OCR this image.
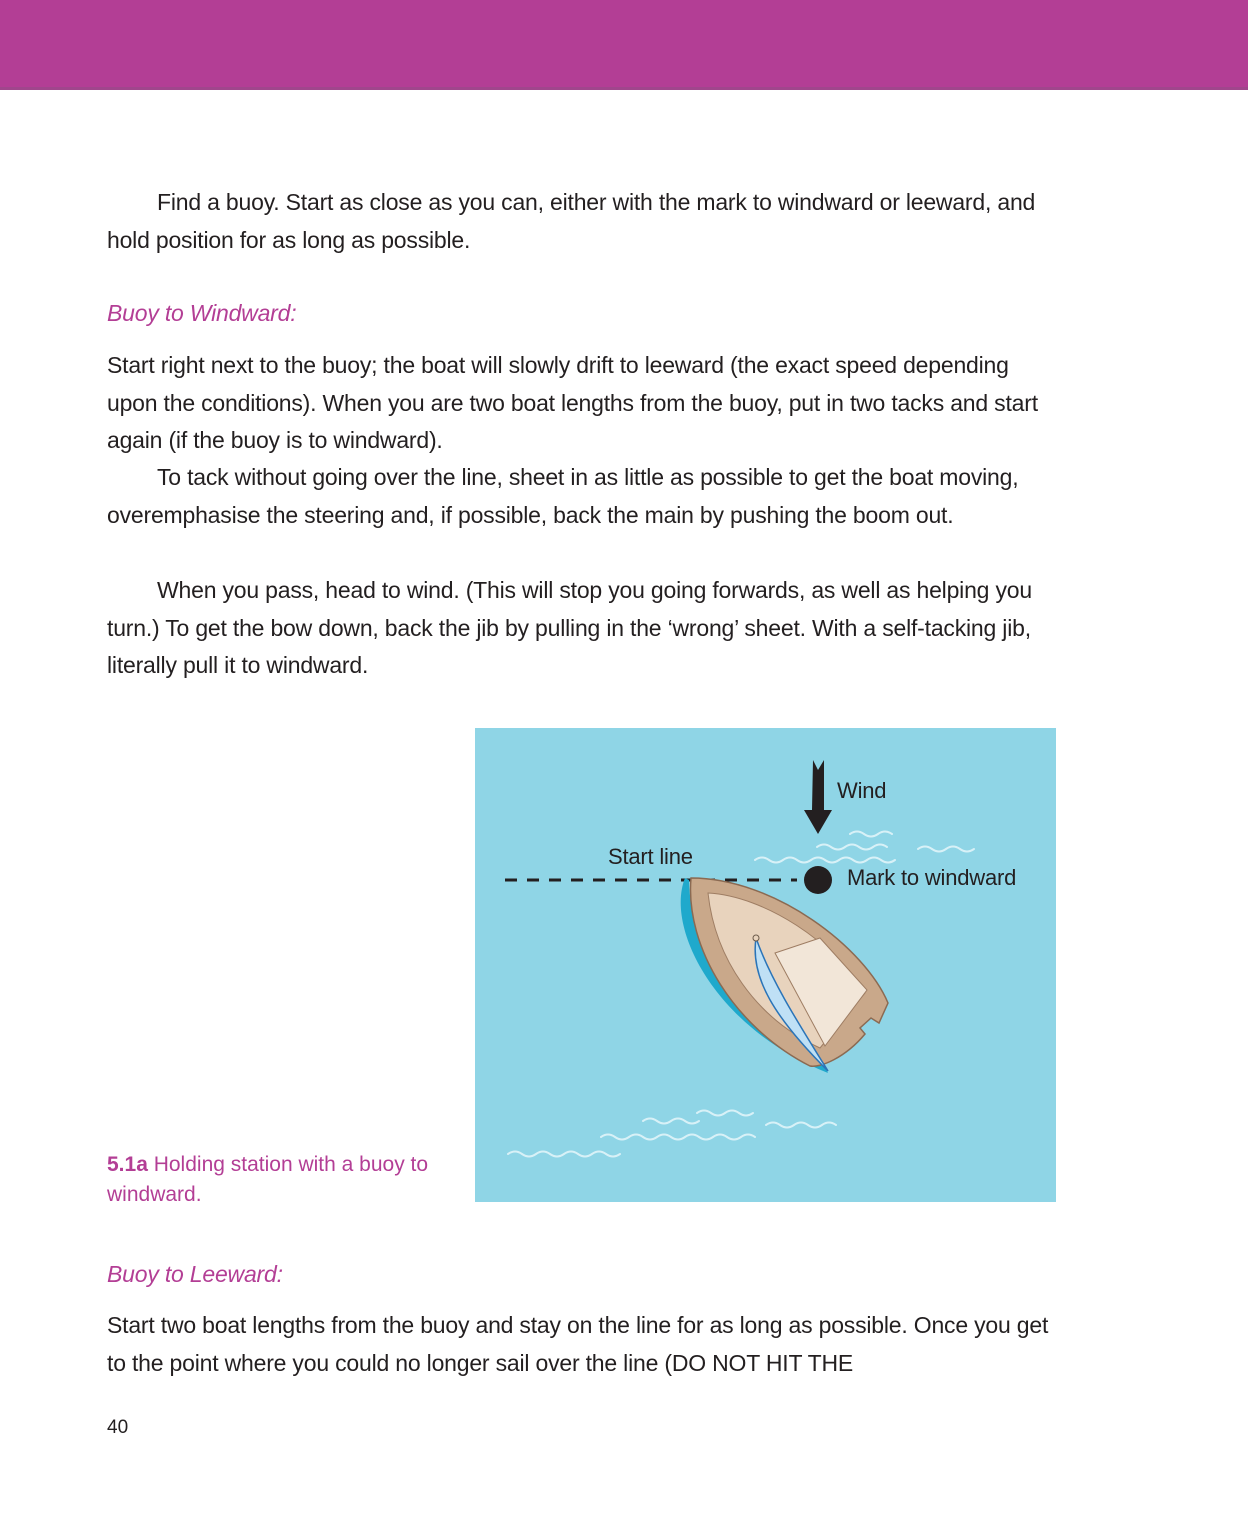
Find a buoy. Start as close as you can, either with the mark to windward or leeward, and hold position for as long as possible.

Buoy to Windward:

Start right next to the buoy; the boat will slowly drift to leeward (the exact speed depending upon the conditions). When you are two boat lengths from the buoy, put in two tacks and start again (if the buoy is to windward).

To tack without going over the line, sheet in as little as possible to get the boat moving, overemphasise the steering and, if possible, back the main by pushing the boom out.

When you pass, head to wind. (This will stop you going forwards, as well as helping you turn.) To get the bow down, back the jib by pulling in the ‘wrong’ sheet. With a self-tacking jib, literally pull it to windward.

Wind
Start line
Mark to windward
5.1a Holding station with a buoy to windward.

Buoy to Leeward:

Start two boat lengths from the buoy and stay on the line for as long as possible. Once you get to the point where you could no longer sail over the line (DO NOT HIT THE

40
